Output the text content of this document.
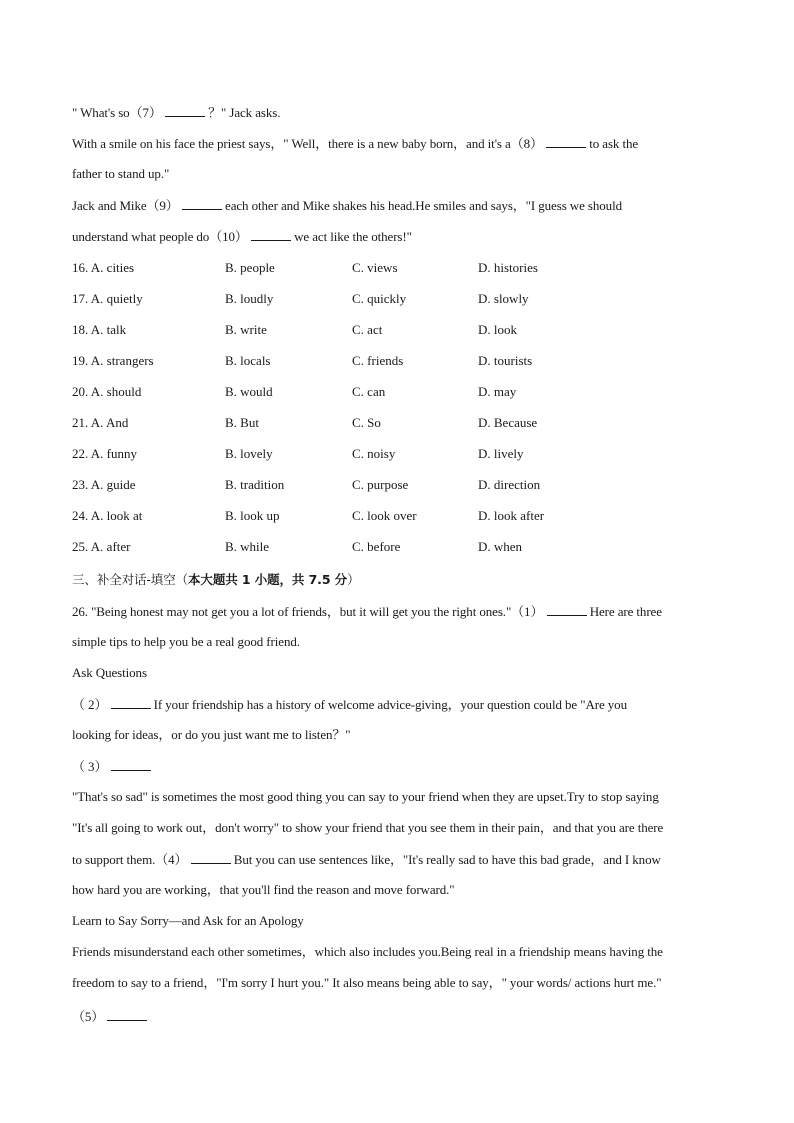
" What's so（7）	？" Jack asks.
With a smile on his face the priest says，" Well，there is a new baby born，and it's a（8）	to ask the
father to stand up."
Jack and Mike（9）	each other and Mike shakes his head.He smiles and says，"I guess we should
understand what people do（10）	we act like the others!"
16. A. cities	B. people	C. views	D. histories
17. A. quietly	B. loudly	C. quickly	D. slowly
18. A. talk	B. write	C. act	D. look
19. A. strangers	B. locals	C. friends	D. tourists
20. A. should	B. would	C. can	D. may
21. A. And	B. But	C. So	D. Because
22. A. funny	B. lovely	C. noisy	D. lively
23. A. guide	B. tradition	C. purpose	D. direction
24. A. look at	B. look up	C. look over	D. look after
25. A. after	B. while	C. before	D. when
三、补全对话-填空（本大题共 1 小题，共 7.5 分）
26. "Being honest may not get you a lot of friends，but it will get you the right ones."（1）	Here are three
simple tips to help you be a real good friend.
Ask Questions
（ 2）	If your friendship has a history of welcome advice-giving，your question could be "Are you
looking for ideas，or do you just want me to listen？"
（ 3）
"That's so sad" is sometimes the most good thing you can say to your friend when they are upset.Try to stop saying
"It's all going to work out，don't worry" to show your friend that you see them in their pain，and that you are there
to support them.（4）	But you can use sentences like，"It's really sad to have this bad grade，and I know
how hard you are working，that you'll find the reason and move forward."
Learn to Say Sorry—and Ask for an Apology
Friends misunderstand each other sometimes，which also includes you.Being real in a friendship means having the
freedom to say to a friend，"I'm sorry I hurt you." It also means being able to say，" your words/ actions hurt me."
（5）
